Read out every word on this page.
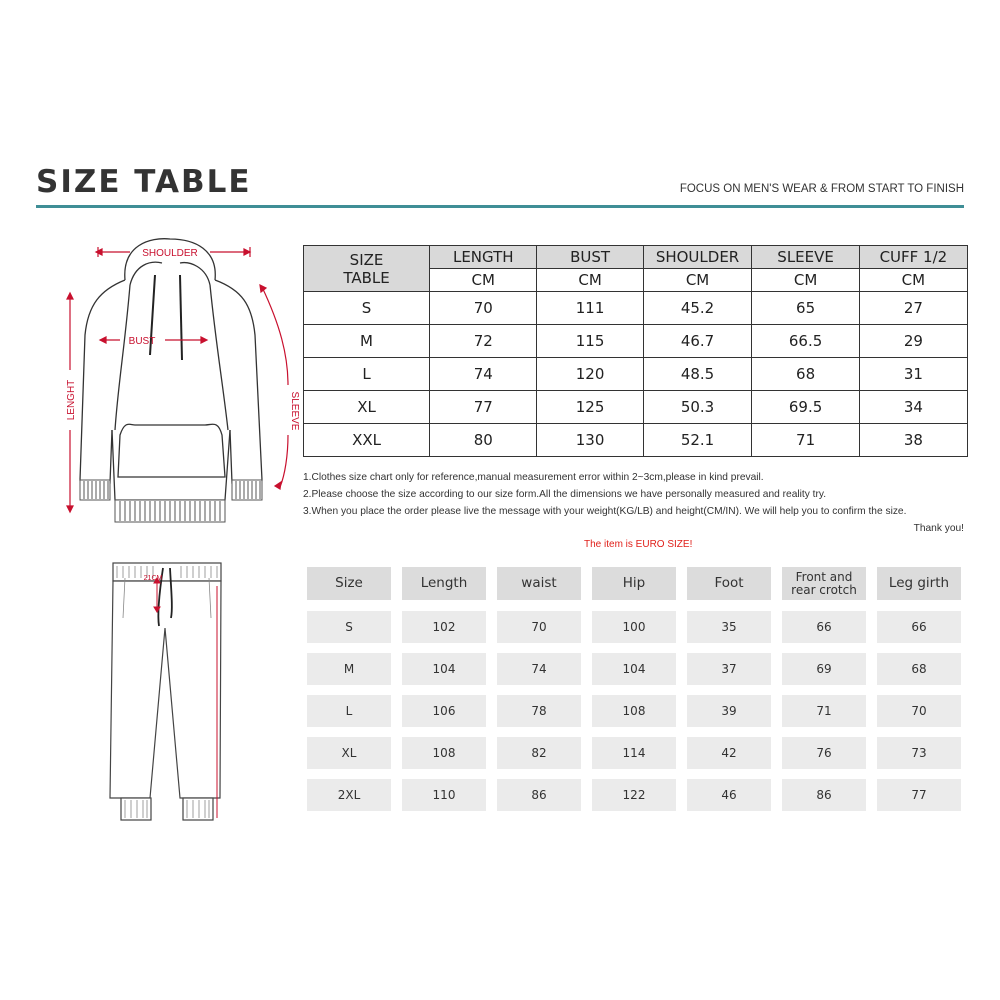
SIZE TABLE	FOCUS ON MEN'S WEAR & FROM START TO FINISH
SHOULDER
BUST
LENGHT	SLEEVE
21CM
SIZE
TABLE	LENGTH	BUST	SHOULDER	SLEEVE	CUFF 1/2
	CM	CM	CM	CM	CM
S	70	111	45.2	65	27
M	72	115	46.7	66.5	29
L	74	120	48.5	68	31
XL	77	125	50.3	69.5	34
XXL	80	130	52.1	71	38
1.Clothes size chart only for reference,manual measurement error within 2~3cm,please in kind prevail.
2.Please choose the size according to our size form.All the dimensions we have personally measured and reality try.
3.When you place the order please live the message with your weight(KG/LB) and height(CM/IN). We will help you to confirm the size.
Thank you!
The item is EURO SIZE!
Size	Length	waist	Hip	Foot	Front and rear crotch	Leg girth
S	102	70	100	35	66	66
M	104	74	104	37	69	68
L	106	78	108	39	71	70
XL	108	82	114	42	76	73
2XL	110	86	122	46	86	77
